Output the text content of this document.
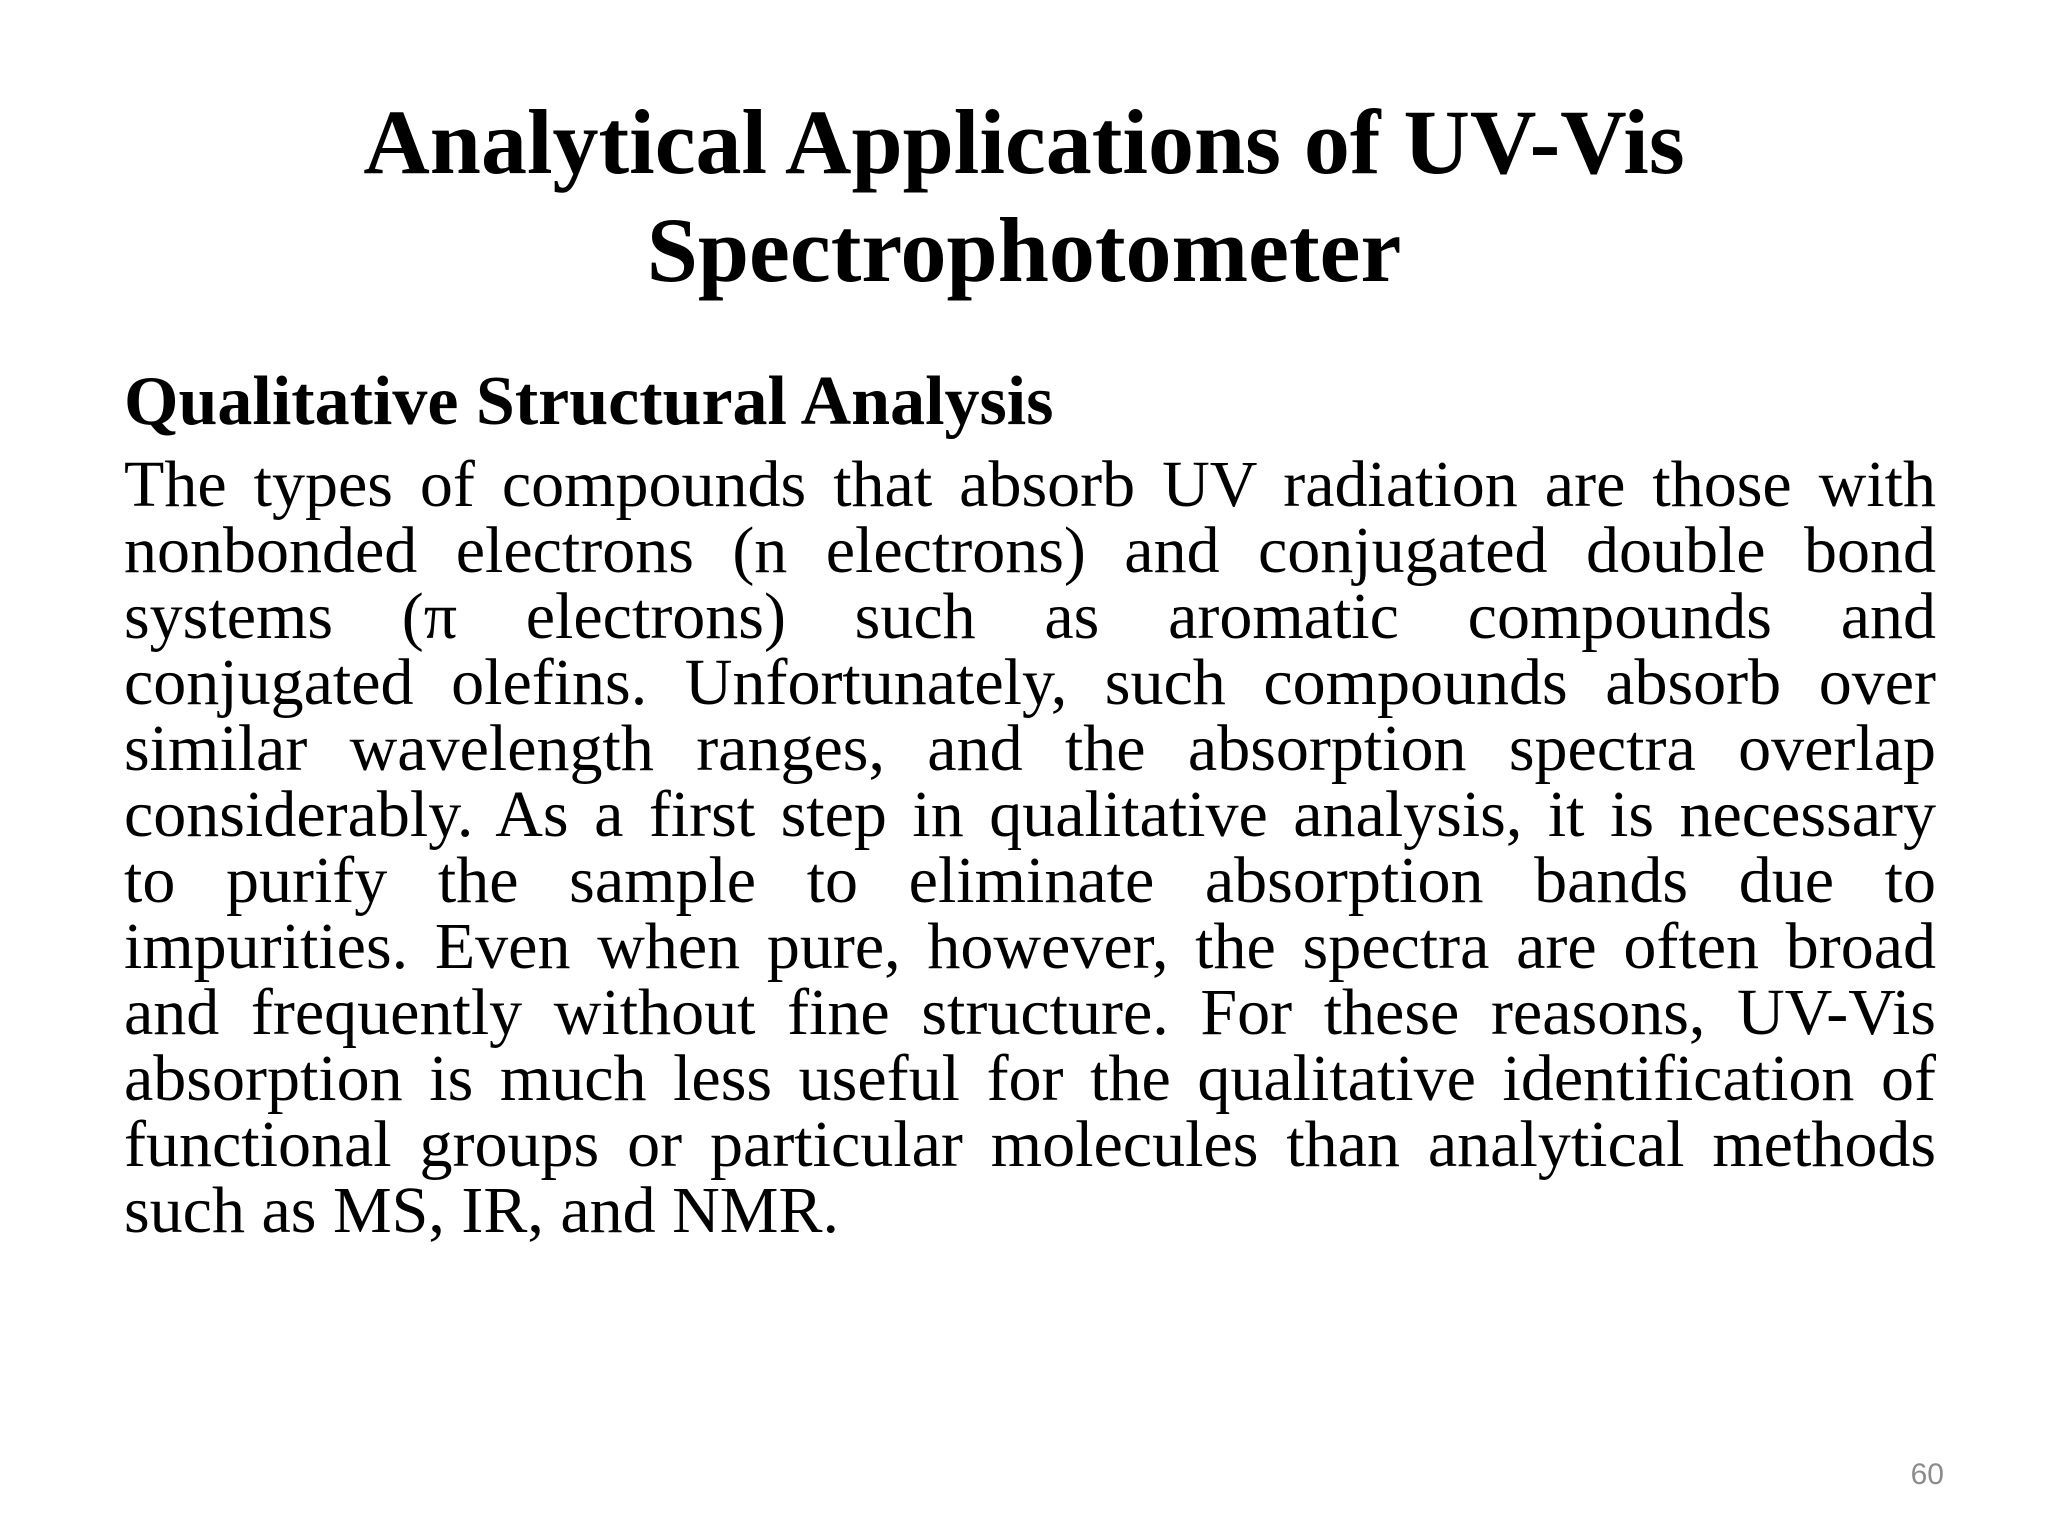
Analytical Applications of UV-Vis
Spectrophotometer
Qualitative Structural Analysis
The types of compounds that absorb UV radiation are those with
nonbonded electrons (n electrons) and conjugated double bond
systems (π electrons) such as aromatic compounds and
conjugated olefins. Unfortunately, such compounds absorb over
similar wavelength ranges, and the absorption spectra overlap
considerably. As a first step in qualitative analysis, it is necessary
to purify the sample to eliminate absorption bands due to
impurities. Even when pure, however, the spectra are often broad
and frequently without fine structure. For these reasons, UV-Vis
absorption is much less useful for the qualitative identification of
functional groups or particular molecules than analytical methods
such as MS, IR, and NMR.
60
